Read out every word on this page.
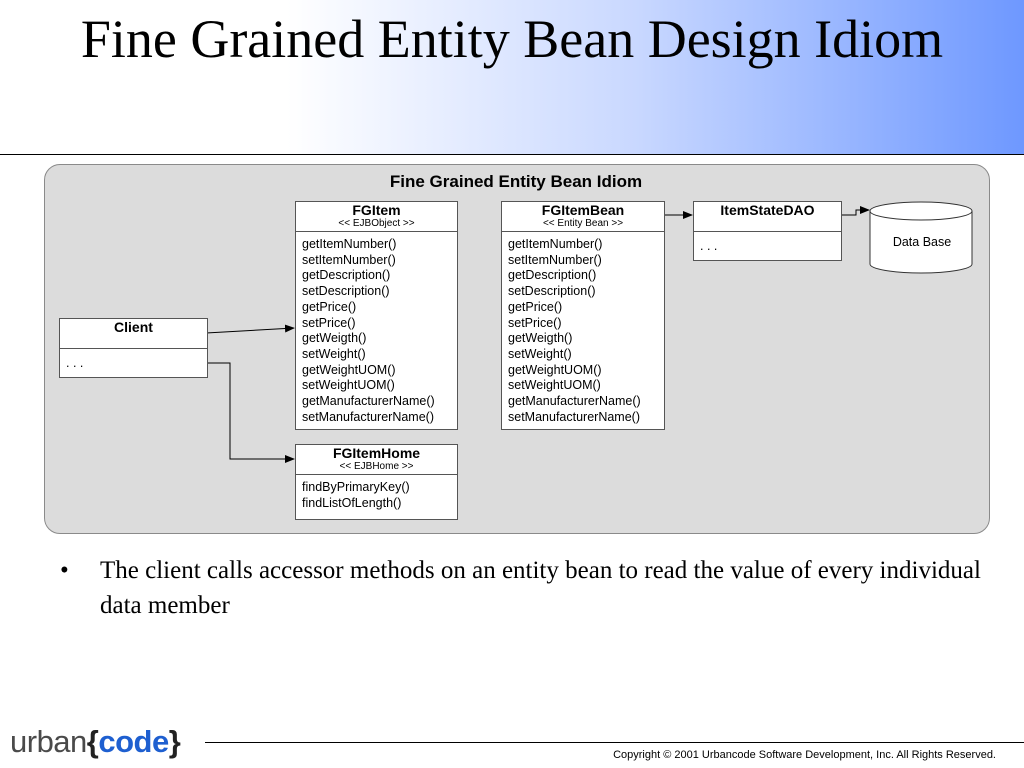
Fine Grained Entity Bean Design Idiom
Fine Grained Entity Bean Idiom
Data Base
Client
. . .
FGItem
<< EJBObject >>
getItemNumber()
setItemNumber()
getDescription()
setDescription()
getPrice()
setPrice()
getWeigth()
setWeight()
getWeightUOM()
setWeightUOM()
getManufacturerName()
setManufacturerName()
FGItemBean
<< Entity Bean >>
getItemNumber()
setItemNumber()
getDescription()
setDescription()
getPrice()
setPrice()
getWeigth()
setWeight()
getWeightUOM()
setWeightUOM()
getManufacturerName()
setManufacturerName()
FGItemHome
<< EJBHome >>
findByPrimaryKey()
findListOfLength()
ItemStateDAO
. . .
• The client calls accessor methods on an entity bean to read the value of every individual data member
urban{code}	Copyright © 2001 Urbancode Software Development, Inc. All Rights Reserved.
